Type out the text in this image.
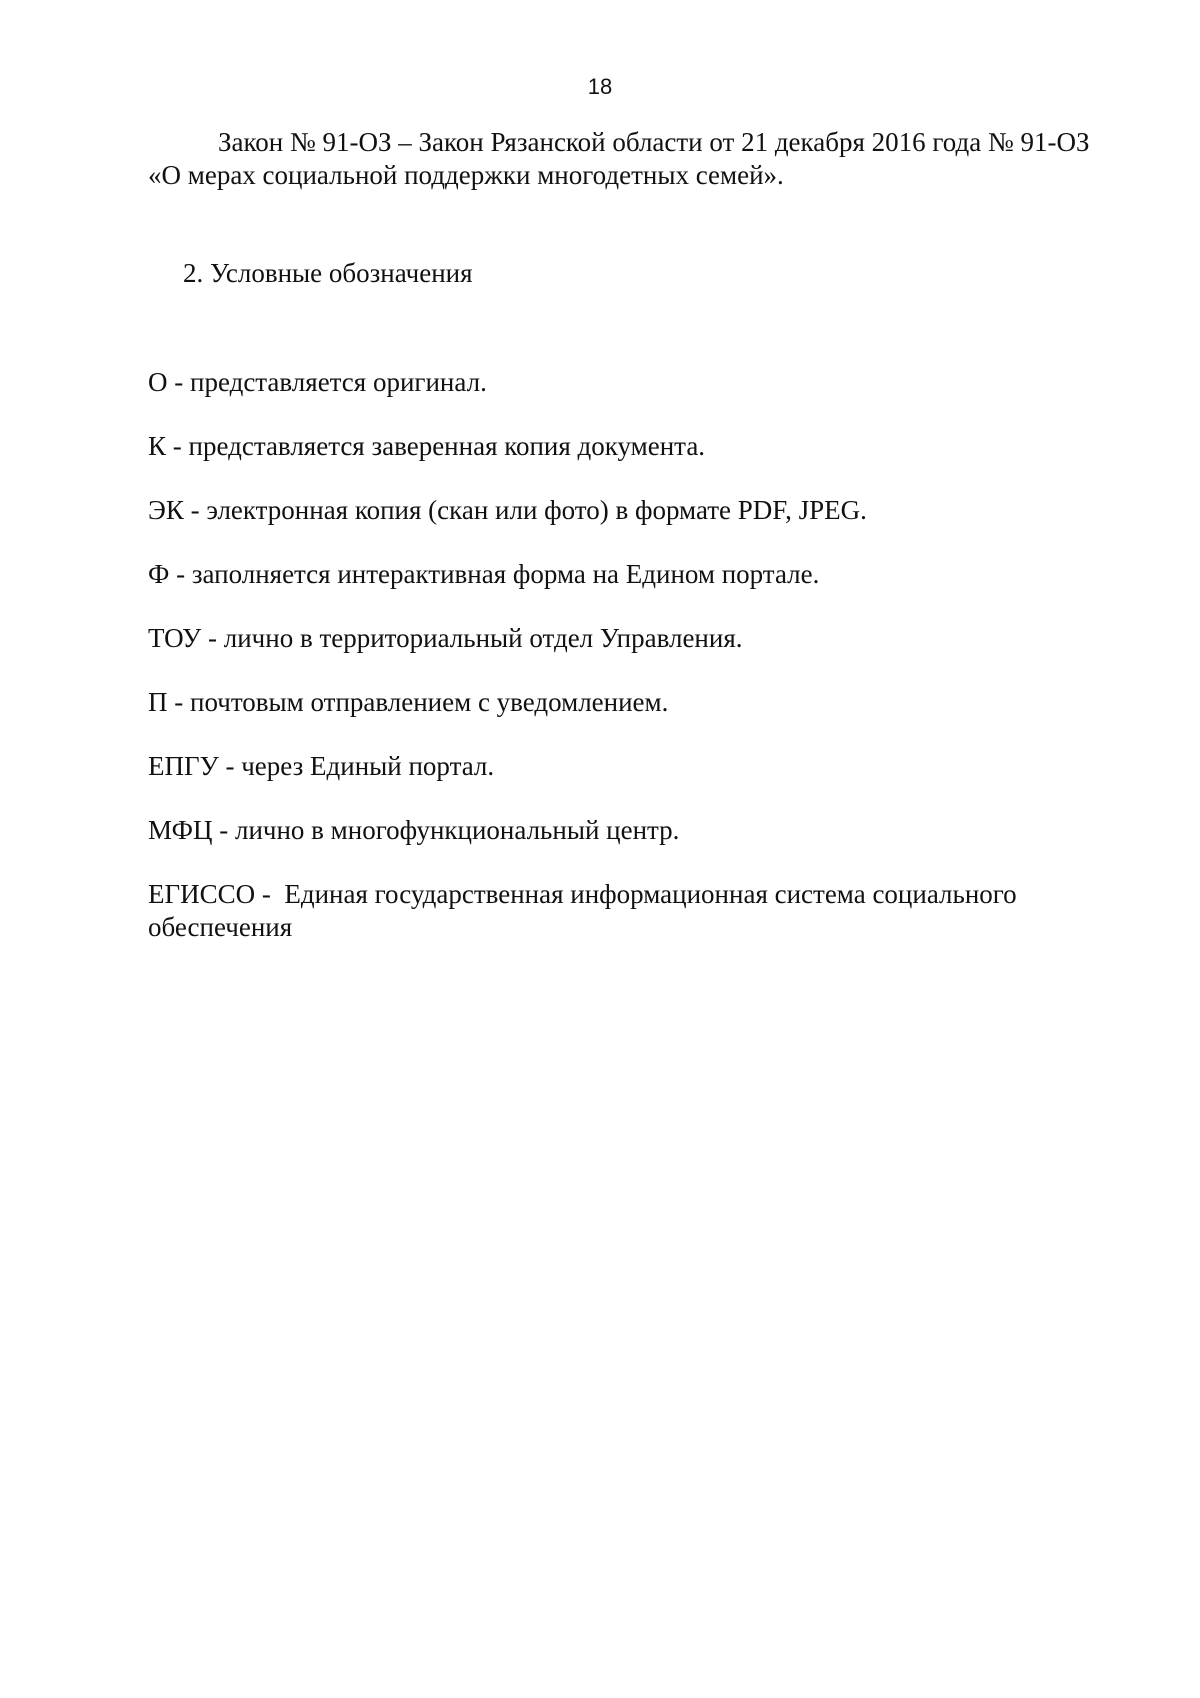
18

Закон № 91-ОЗ – Закон Рязанской области от 21 декабря 2016 года № 91-ОЗ
«О мерах социальной поддержки многодетных семей».

2. Условные обозначения
О - представляется оригинал.
К - представляется заверенная копия документа.
ЭК - электронная копия (скан или фото) в формате PDF, JPEG.
Ф - заполняется интерактивная форма на Едином портале.
ТОУ - лично в территориальный отдел Управления.
П - почтовым отправлением с уведомлением.
ЕПГУ - через Единый портал.
МФЦ - лично в многофункциональный центр.
ЕГИССО -  Единая государственная информационная система социального обеспечения
